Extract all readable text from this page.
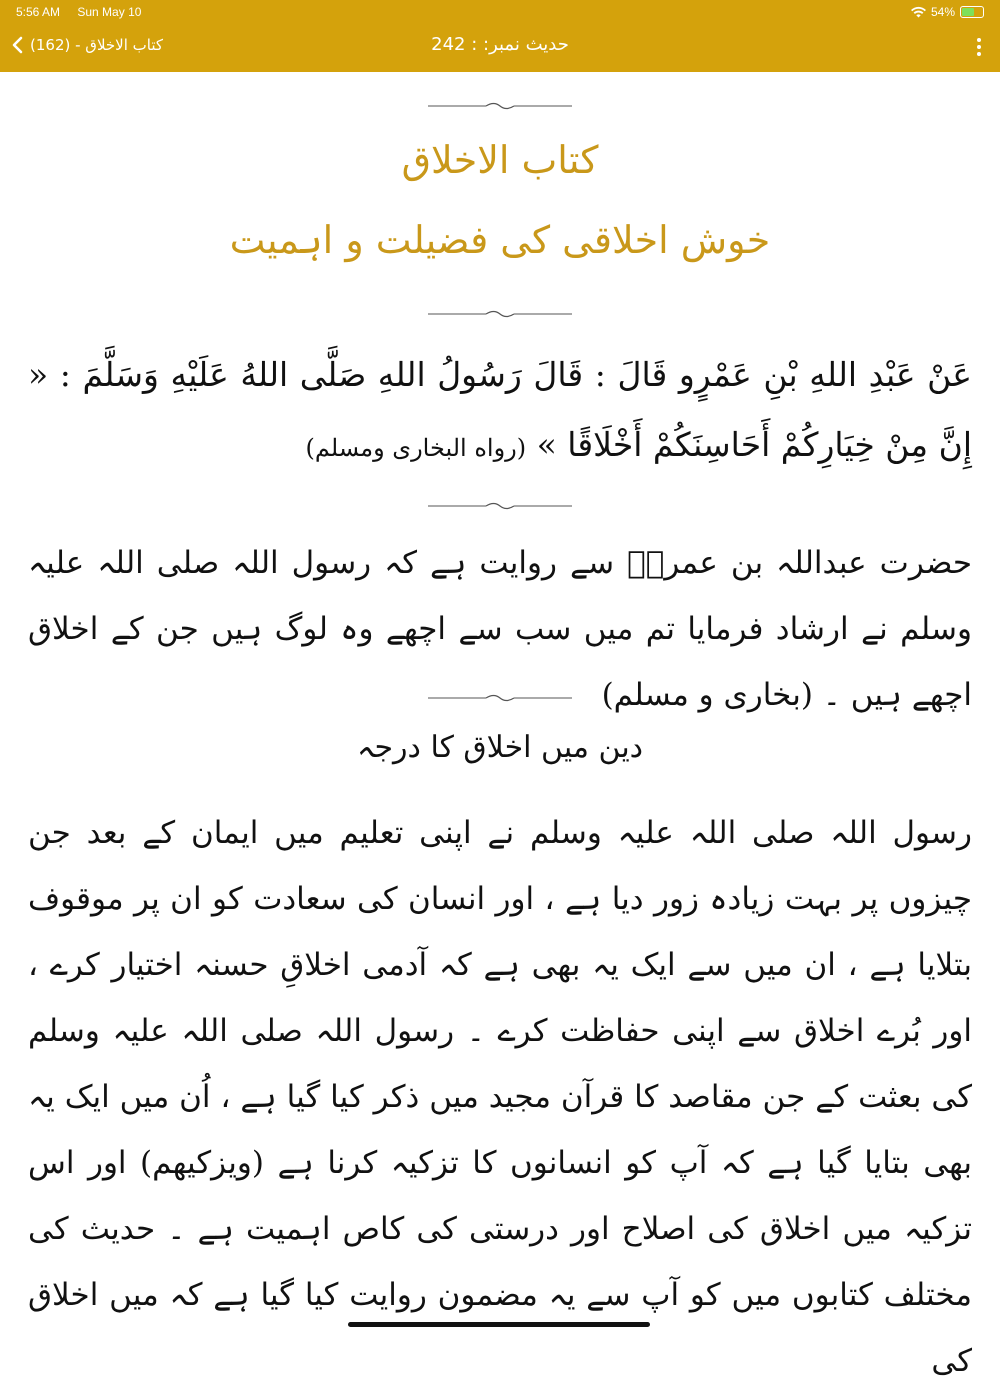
5:56 AM Sun May 10	54%
کتاب الاخلاق - (162)	حدیث نمبر: : 242
کتاب الاخلاق
خوش اخلاقی کی فضیلت و اہمیت
عَنْ عَبْدِ اللهِ بْنِ عَمْرٍو قَالَ : قَالَ رَسُولُ اللهِ صَلَّى اللهُ عَلَيْهِ وَسَلَّمَ : « إِنَّ مِنْ خِيَارِكُمْ أَحَاسِنَكُمْ أَخْلَاقًا » (رواه البخاری ومسلم)
حضرت عبداللہ بن عمروؓ سے روایت ہے کہ رسول اللہ صلی اللہ علیہ وسلم نے ارشاد فرمایا تم میں سب سے اچھے وہ لوگ ہیں جن کے اخلاق اچھے ہیں ۔ (بخاری و مسلم)
دین میں اخلاق کا درجہ
رسول اللہ صلی اللہ علیہ وسلم نے اپنی تعلیم میں ایمان کے بعد جن چیزوں پر بہت زیادہ زور دیا ہے ، اور انسان کی سعادت کو ان پر موقوف بتلایا ہے ، ان میں سے ایک یہ بھی ہے کہ آدمی اخلاقِ حسنہ اختیار کرے ، اور بُرے اخلاق سے اپنی حفاظت کرے ۔ رسول اللہ صلی اللہ علیہ وسلم کی بعثت کے جن مقاصد کا قرآن مجید میں ذکر کیا گیا ہے ، اُن میں ایک یہ بھی بتایا گیا ہے کہ آپ کو انسانوں کا تزکیہ کرنا ہے (ویزکیھم) اور اس تزکیہ میں اخلاق کی اصلاح اور درستی کی کاص اہمیت ہے ۔ حدیث کی مختلف کتابوں میں کو آپ سے یہ مضمون روایت کیا گیا ہے کہ میں اخلاق کی
